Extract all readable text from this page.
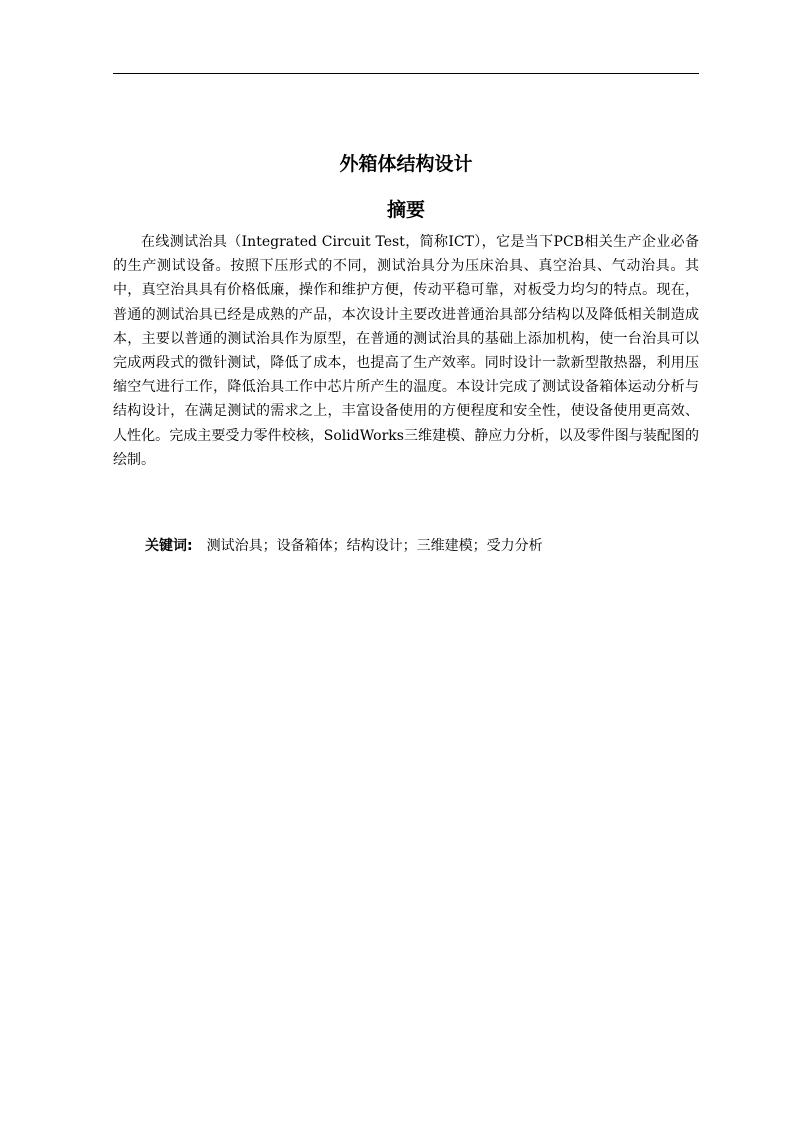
外箱体结构设计
摘要

在线测试治具（Integrated Circuit Test，简称ICT），它是当下PCB相关生产企业必备的生产测试设备。按照下压形式的不同，测试治具分为压床治具、真空治具、气动治具。其中，真空治具具有价格低廉，操作和维护方便，传动平稳可靠，对板受力均匀的特点。现在，普通的测试治具已经是成熟的产品，本次设计主要改进普通治具部分结构以及降低相关制造成本，主要以普通的测试治具作为原型，在普通的测试治具的基础上添加机构，使一台治具可以完成两段式的微针测试，降低了成本，也提高了生产效率。同时设计一款新型散热器，利用压缩空气进行工作，降低治具工作中芯片所产生的温度。本设计完成了测试设备箱体运动分析与结构设计，在满足测试的需求之上，丰富设备使用的方便程度和安全性，使设备使用更高效、人性化。完成主要受力零件校核，SolidWorks三维建模、静应力分析，以及零件图与装配图的绘制。

关键词: 测试治具；设备箱体；结构设计；三维建模；受力分析
